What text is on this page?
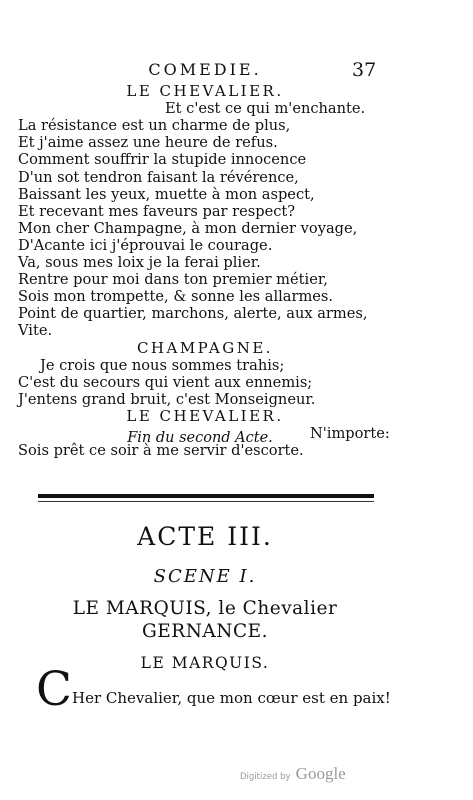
COMEDIE.	37
LE CHEVALIER.
Et c'est ce qui m'enchante.
La résistance est un charme de plus,
Et j'aime assez une heure de refus.
Comment souffrir la stupide innocence
D'un sot tendron faisant la révérence,
Baissant les yeux, muette à mon aspect,
Et recevant mes faveurs par respect?
Mon cher Champagne, à mon dernier voyage,
D'Acante ici j'éprouvai le courage.
Va, sous mes loix je la ferai plier.
Rentre pour moi dans ton premier métier,
Sois mon trompette, & sonne les allarmes.
Point de quartier, marchons, alerte, aux armes,
Vite.
CHAMPAGNE.
Je crois que nous sommes trahis;
C'est du secours qui vient aux ennemis;
J'entens grand bruit, c'est Monseigneur.
LE CHEVALIER.
N'importe:
Sois prêt ce soir à me servir d'escorte.
Fin du second Acte.
ACTE III.
SCENE I.
LE MARQUIS, le Chevalier
GERNANCE.
LE MARQUIS.
C Her Chevalier, que mon cœur est en paix!
Digitized by Google
